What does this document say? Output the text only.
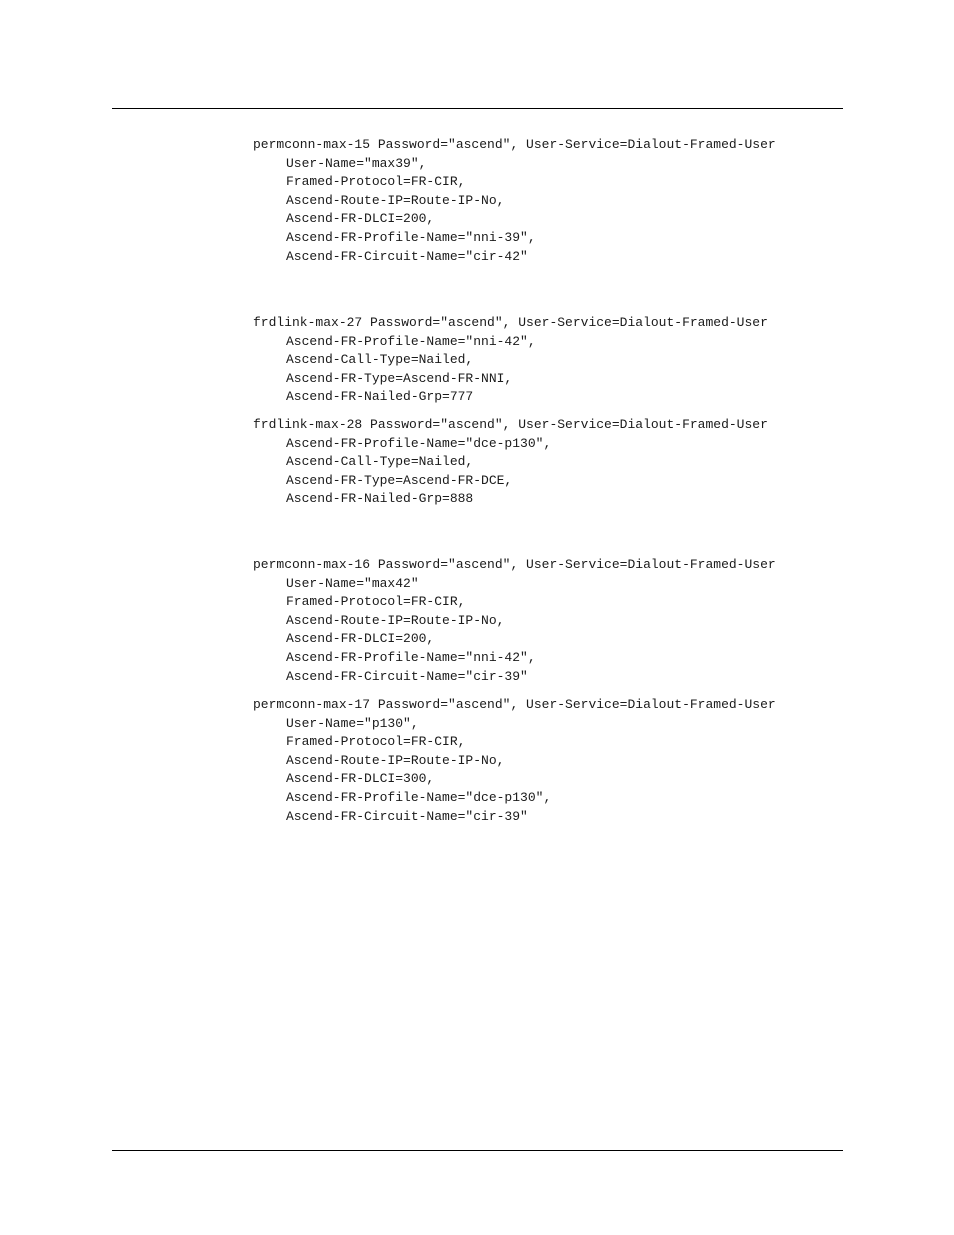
permconn-max-15 Password="ascend", User-Service=Dialout-Framed-User
User-Name="max39",
Framed-Protocol=FR-CIR,
Ascend-Route-IP=Route-IP-No,
Ascend-FR-DLCI=200,
Ascend-FR-Profile-Name="nni-39",
Ascend-FR-Circuit-Name="cir-42"
frdlink-max-27 Password="ascend", User-Service=Dialout-Framed-User
Ascend-FR-Profile-Name="nni-42",
Ascend-Call-Type=Nailed,
Ascend-FR-Type=Ascend-FR-NNI,
Ascend-FR-Nailed-Grp=777
frdlink-max-28 Password="ascend", User-Service=Dialout-Framed-User
Ascend-FR-Profile-Name="dce-p130",
Ascend-Call-Type=Nailed,
Ascend-FR-Type=Ascend-FR-DCE,
Ascend-FR-Nailed-Grp=888
permconn-max-16 Password="ascend", User-Service=Dialout-Framed-User
User-Name="max42"
Framed-Protocol=FR-CIR,
Ascend-Route-IP=Route-IP-No,
Ascend-FR-DLCI=200,
Ascend-FR-Profile-Name="nni-42",
Ascend-FR-Circuit-Name="cir-39"
permconn-max-17 Password="ascend", User-Service=Dialout-Framed-User
User-Name="p130",
Framed-Protocol=FR-CIR,
Ascend-Route-IP=Route-IP-No,
Ascend-FR-DLCI=300,
Ascend-FR-Profile-Name="dce-p130",
Ascend-FR-Circuit-Name="cir-39"
